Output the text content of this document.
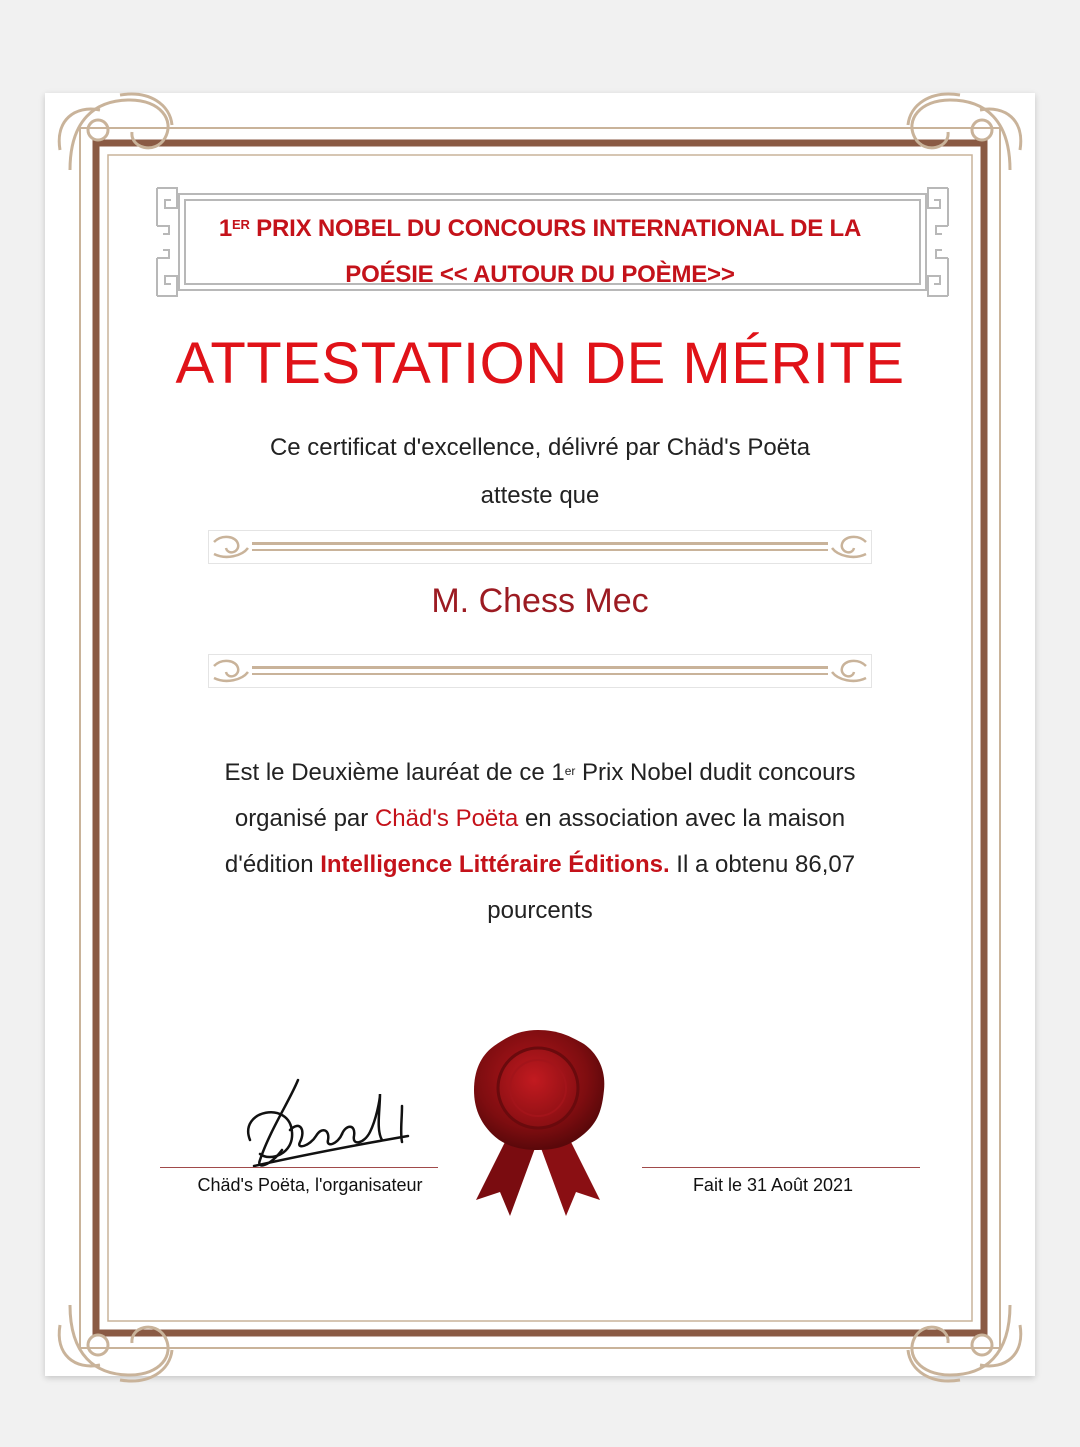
1ER PRIX NOBEL DU CONCOURS INTERNATIONAL DE LA
POÉSIE << AUTOUR DU POÈME>>
ATTESTATION DE MÉRITE
Ce certificat d'excellence, délivré par Chäd's Poëta
atteste que
M. Chess Mec
Est le Deuxième lauréat de ce 1er Prix Nobel dudit concours
organisé par Chäd's Poëta en association avec la maison
d'édition Intelligence Littéraire Éditions. Il a obtenu 86,07
pourcents
Chäd's Poëta, l'organisateur	Fait le 31 Août 2021
